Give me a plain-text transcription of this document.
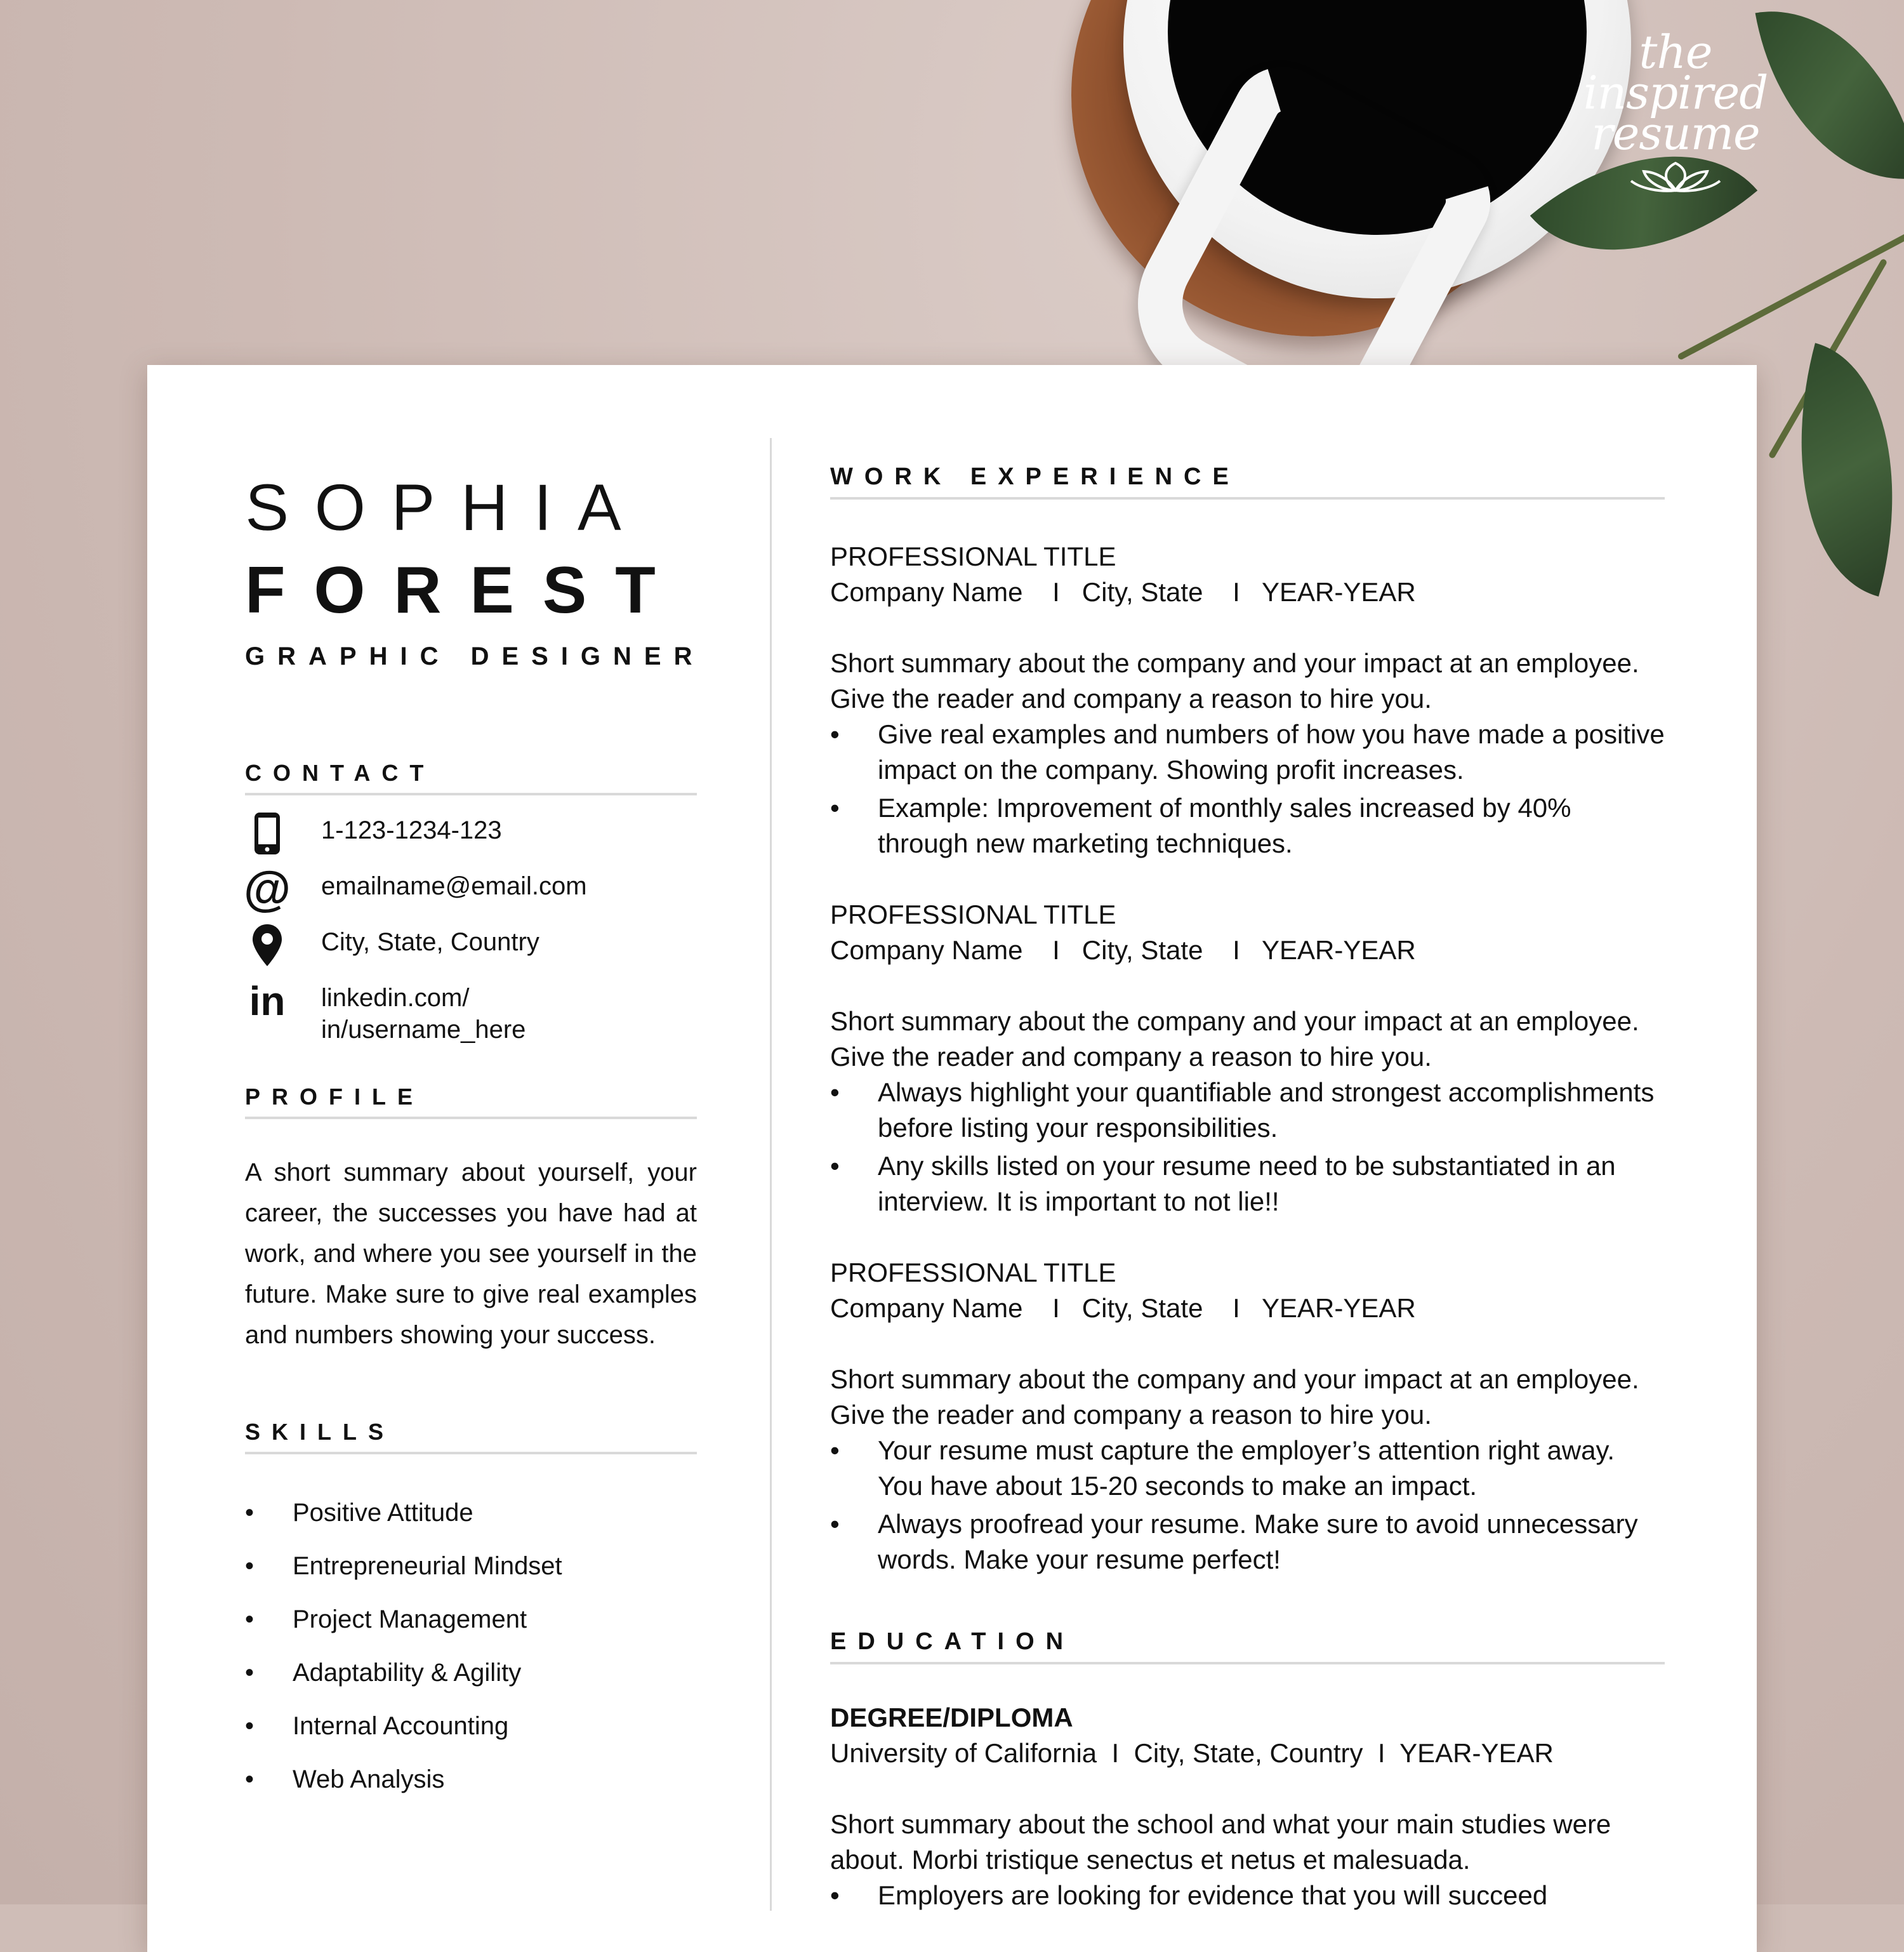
the
inspired
resume
SOPHIA
FOREST
GRAPHIC DESIGNER
CONTACT
1-123-1234-123
@ emailname@email.com
City, State, Country
in linkedin.com/
in/username_here
PROFILE
A short summary about yourself, your career, the successes you have had at work, and where you see yourself in the future. Make sure to give real examples and numbers showing your success.
SKILLS
• Positive Attitude
• Entrepreneurial Mindset
• Project Management
• Adaptability & Agility
• Internal Accounting
• Web Analysis
WORK EXPERIENCE
PROFESSIONAL TITLE
Company Name    I   City, State    I   YEAR-YEAR
Short summary about the company and your impact at an employee. Give the reader and company a reason to hire you.
• Give real examples and numbers of how you have made a positive impact on the company. Showing profit increases.
• Example: Improvement of monthly sales increased by 40% through new marketing techniques.
PROFESSIONAL TITLE
Company Name    I   City, State    I   YEAR-YEAR
Short summary about the company and your impact at an employee. Give the reader and company a reason to hire you.
• Always highlight your quantifiable and strongest accomplishments before listing your responsibilities.
• Any skills listed on your resume need to be substantiated in an interview. It is important to not lie!!
PROFESSIONAL TITLE
Company Name    I   City, State    I   YEAR-YEAR
Short summary about the company and your impact at an employee. Give the reader and company a reason to hire you.
• Your resume must capture the employer’s attention right away. You have about 15-20 seconds to make an impact.
• Always proofread your resume. Make sure to avoid unnecessary words. Make your resume perfect!
EDUCATION
DEGREE/DIPLOMA
University of California  I  City, State, Country  I  YEAR-YEAR
Short summary about the school and what your main studies were about. Morbi tristique senectus et netus et malesuada.
• Employers are looking for evidence that you will succeed
